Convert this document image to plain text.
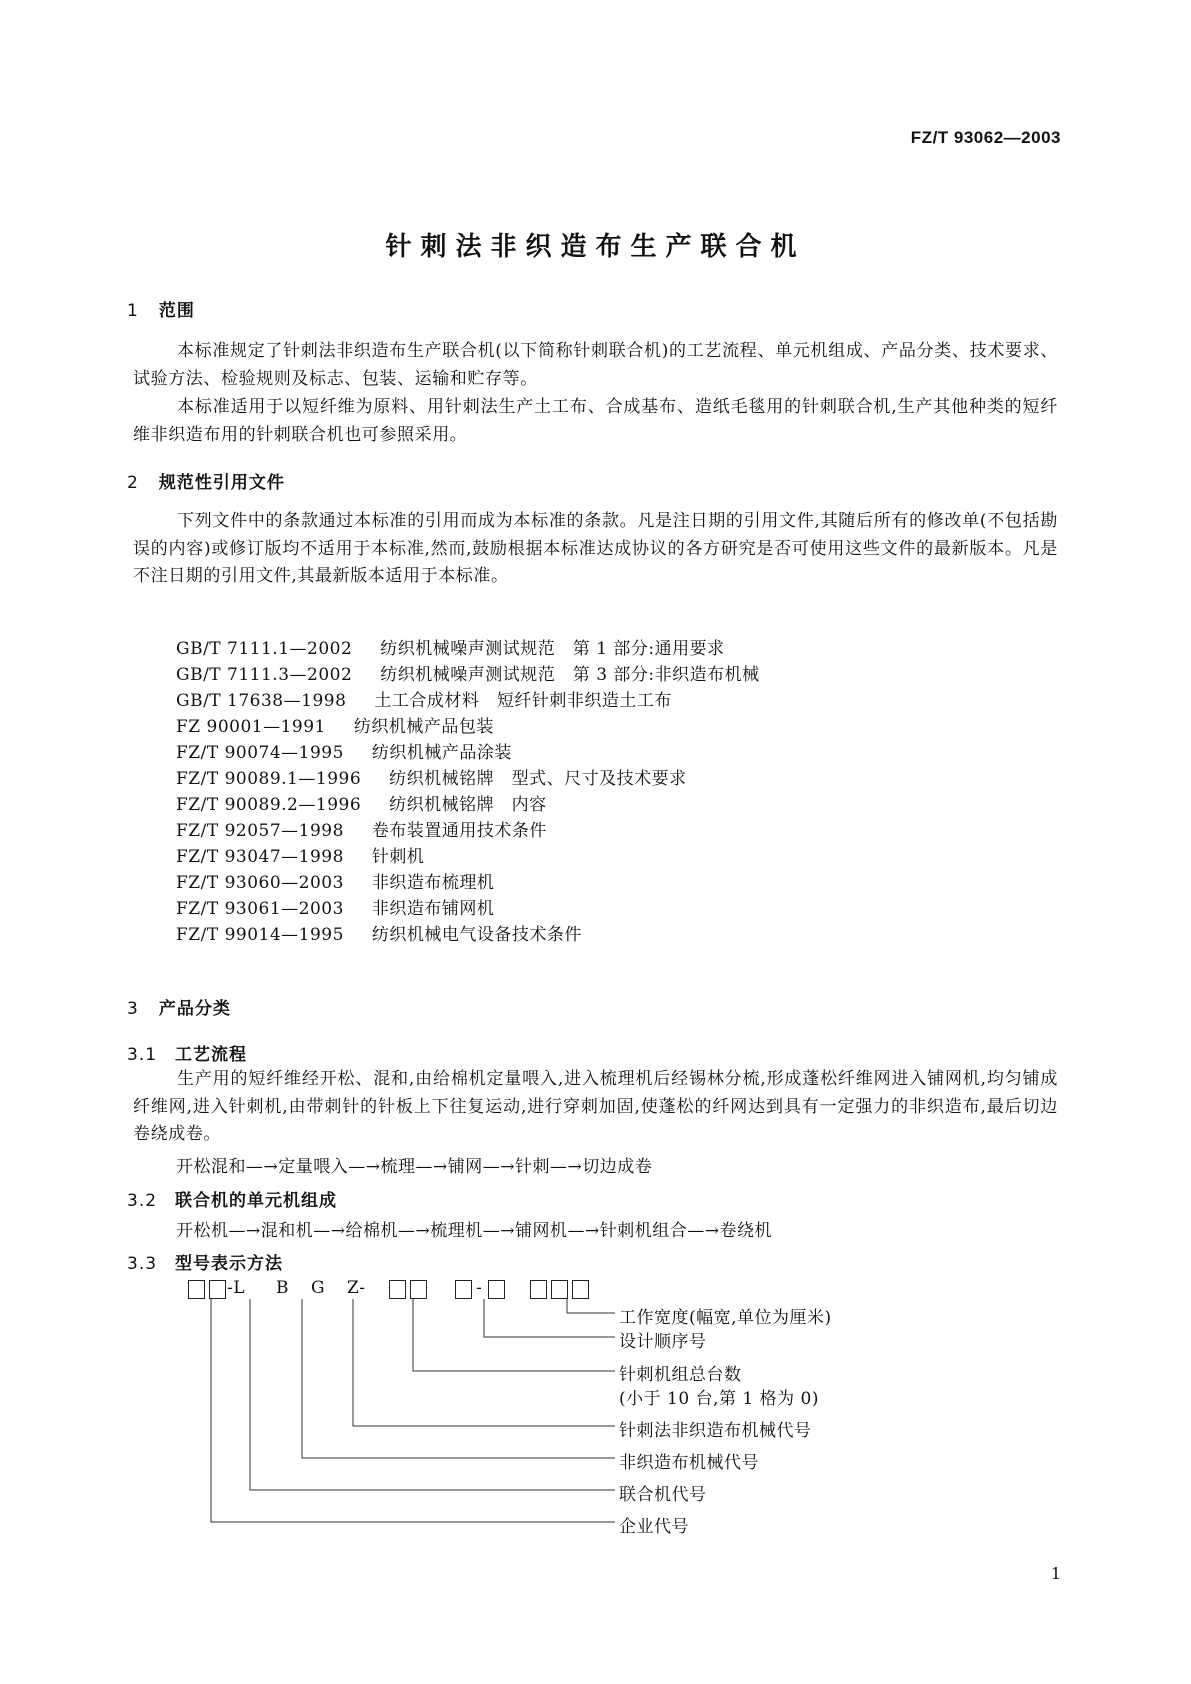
FZ/T 93062—2003
针刺法非织造布生产联合机
1 范围
本标准规定了针刺法非织造布生产联合机(以下简称针刺联合机)的工艺流程、单元机组成、产品分类、技术要求、试验方法、检验规则及标志、包装、运输和贮存等。
本标准适用于以短纤维为原料、用针刺法生产土工布、合成基布、造纸毛毯用的针刺联合机,生产其他种类的短纤维非织造布用的针刺联合机也可参照采用。
2 规范性引用文件
下列文件中的条款通过本标准的引用而成为本标准的条款。凡是注日期的引用文件,其随后所有的修改单(不包括勘误的内容)或修订版均不适用于本标准,然而,鼓励根据本标准达成协议的各方研究是否可使用这些文件的最新版本。凡是不注日期的引用文件,其最新版本适用于本标准。
GB/T 7111.1—2002 纺织机械噪声测试规范　第 1 部分:通用要求
GB/T 7111.3—2002 纺织机械噪声测试规范　第 3 部分:非织造布机械
GB/T 17638—1998 土工合成材料　短纤针刺非织造土工布
FZ 90001—1991 纺织机械产品包装
FZ/T 90074—1995 纺织机械产品涂装
FZ/T 90089.1—1996 纺织机械铭牌　型式、尺寸及技术要求
FZ/T 90089.2—1996 纺织机械铭牌　内容
FZ/T 92057—1998 卷布装置通用技术条件
FZ/T 93047—1998 针刺机
FZ/T 93060—2003 非织造布梳理机
FZ/T 93061—2003 非织造布铺网机
FZ/T 99014—1995 纺织机械电气设备技术条件
3 产品分类
3.1 工艺流程
生产用的短纤维经开松、混和,由给棉机定量喂入,进入梳理机后经锡林分梳,形成蓬松纤维网进入铺网机,均匀铺成纤维网,进入针刺机,由带刺针的针板上下往复运动,进行穿刺加固,使蓬松的纤网达到具有一定强力的非织造布,最后切边卷绕成卷。
开松混和—→定量喂入—→梳理—→铺网—→针刺—→切边成卷
3.2 联合机的单元机组成
开松机—→混和机—→给棉机—→梳理机—→铺网机—→针刺机组合—→卷绕机
3.3 型号表示方法
-L B G Z-	-
工作宽度(幅宽,单位为厘米)
设计顺序号
针刺机组总台数
(小于 10 台,第 1 格为 0)
针刺法非织造布机械代号
非织造布机械代号
联合机代号
企业代号
1
